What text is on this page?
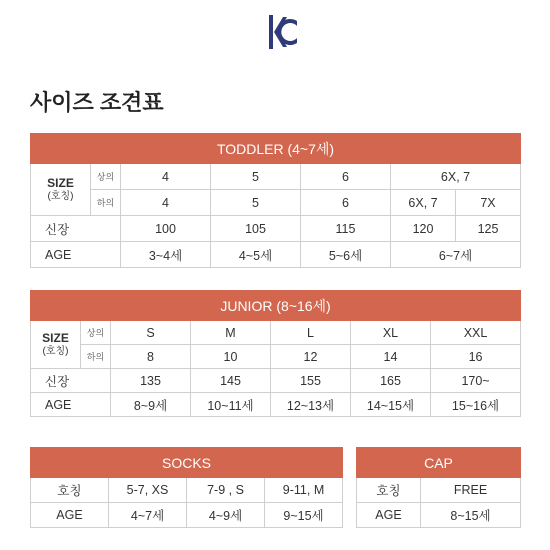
사이즈 조견표
TODDLER (4~7세)						

SIZE
(호칭)	상의	4	5	6	6X, 7	
	하의	4	5	6	6X, 7	7X
신장		100	105	115	120	125
AGE		3~4세	4~5세	5~6세	6~7세	
JUNIOR (8~16세)						

SIZE
(호칭)	상의	S	M	L	XL	XXL
	하의	8	10	12	14	16
신장		135	145	155	165	170~
AGE		8~9세	10~11세	12~13세	14~15세	15~16세
SOCKS			
호칭	5-7, XS	7-9 , S	9-11, M
AGE	4~7세	4~9세	9~15세
CAP	
호칭	FREE
AGE	8~15세
